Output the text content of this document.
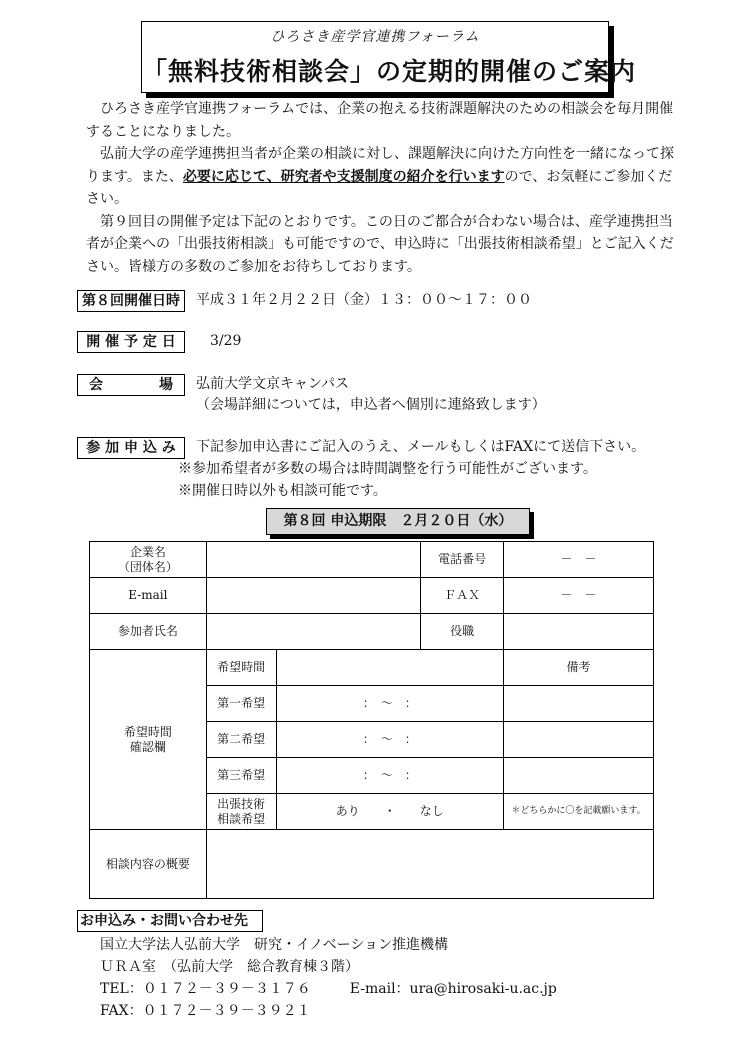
ひろさき産学官連携フォーラム
「無料技術相談会」の定期的開催のご案内

ひろさき産学官連携フォーラムでは、企業の抱える技術課題解決のための相談会を毎月開催することになりました。

弘前大学の産学連携担当者が企業の相談に対し、課題解決に向けた方向性を一緒になって探ります。また、必要に応じて、研究者や支援制度の紹介を行いますので、お気軽にご参加ください。

第９回目の開催予定は下記のとおりです。この日のご都合が合わない場合は、産学連携担当者が企業への「出張技術相談」も可能ですので、申込時に「出張技術相談希望」とご記入ください。皆様方の多数のご参加をお待ちしております。

第８回開催日時	平成３１年２月２２日（金）１３：００～１７：００
開 催 予 定 日	3/29
会　　　　場	弘前大学文京キャンパス
（会場詳細については，申込者へ個別に連絡致します）
参 加 申 込 み	下記参加申込書にご記入のうえ、メールもしくはFAXにて送信下さい。
※参加希望者が多数の場合は時間調整を行う可能性がございます。
※開催日時以外も相談可能です。
第８回 申込期限　２月２０日（水）
企業名
（団体名）			電話番号	－　－
E-mail			ＦＡＸ	－　－
参加者氏名			役職	

希望時間
確認欄	希望時間			備考
	第一希望	：　～　：		
	第二希望	：　～　：		
	第三希望	：　～　：		

	出張技術
相談希望	あり　　・　　なし		＊どちらかに〇を記載願います。
相談内容の概要				
お申込み・お問い合わせ先
国立大学法人弘前大学　研究・イノベーション推進機構
ＵＲＡ室　（弘前大学　総合教育棟３階）
TEL：０１７２－３９－３１７６	E-mail：ura@hirosaki-u.ac.jp
FAX：０１７２－３９－３９２１
